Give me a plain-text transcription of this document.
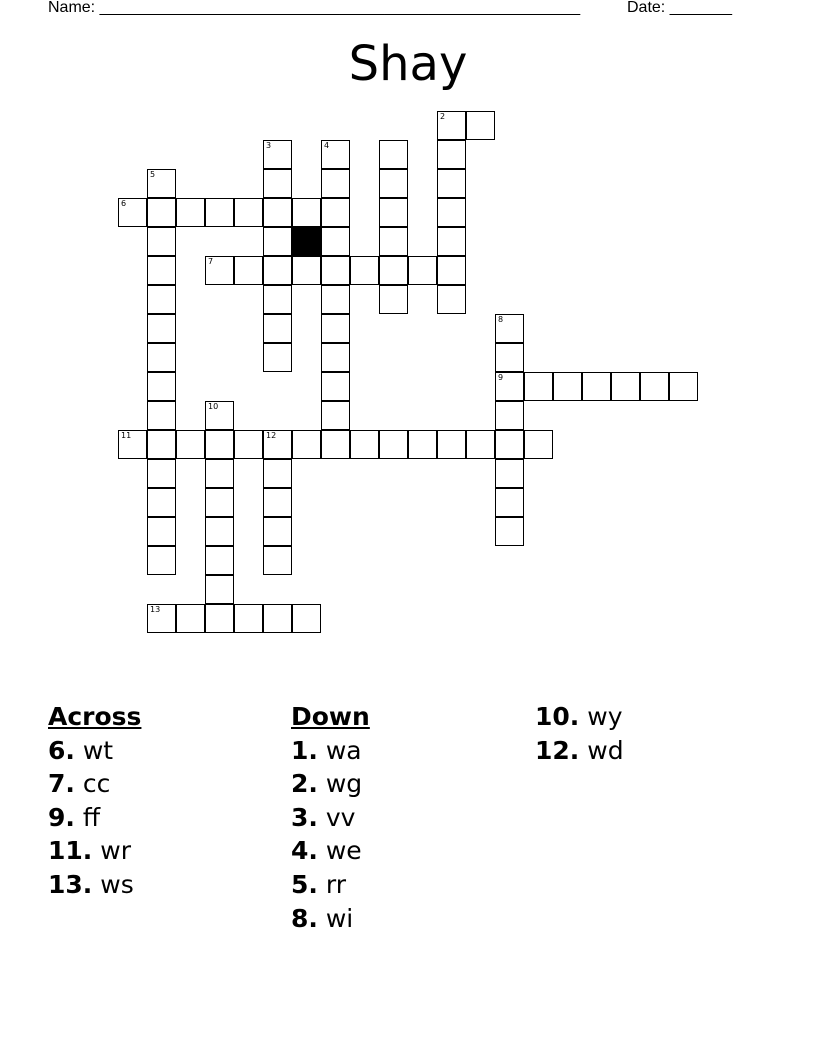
Name: ______________________________________________________	Date: _______
Shay
2
3	4
5
6
7
8
9
10
11	12
13
Across
6. wt
7. cc
9. ff
11. wr
13. ws
Down
1. wa
2. wg
3. vv
4. we
5. rr
8. wi
10. wy
12. wd
